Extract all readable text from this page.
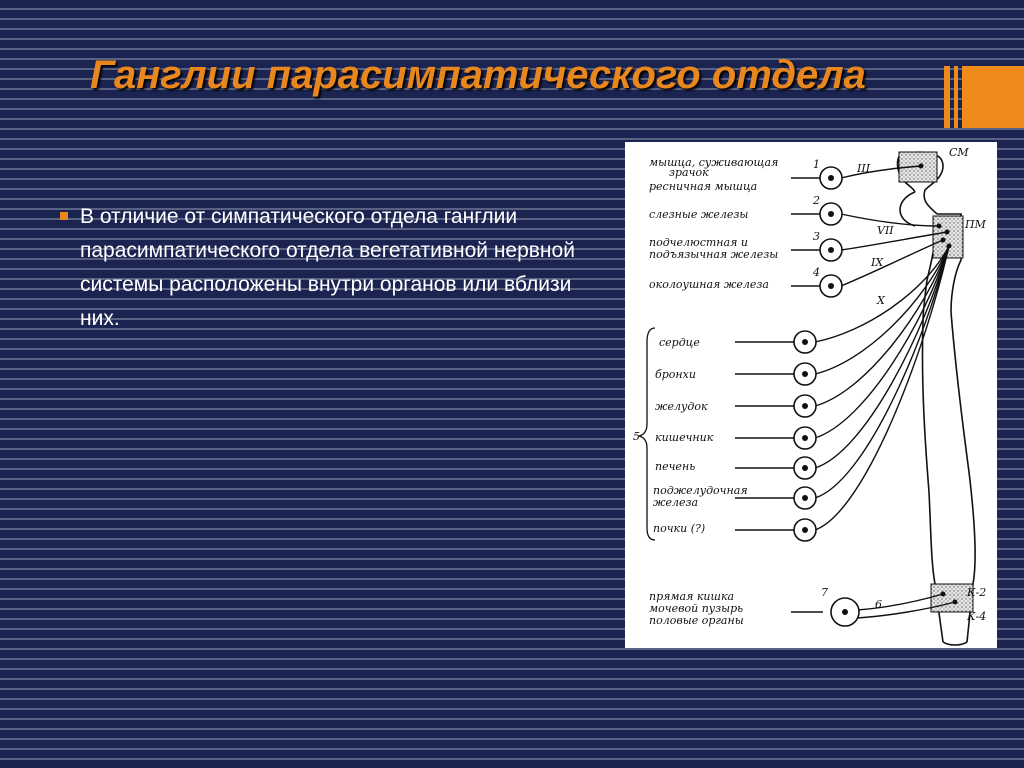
Ганглии парасимпатического отдела
В отличие от симпатического отдела ганглии парасимпатического отдела вегетативной нервной системы расположены внутри органов или вблизи них.
мышца, суживающая
зрачок
ресничная мышца
слезные железы
подчелюстная и
подъязычная железы
околоушная железа
сердце
бронхи
желудок
кишечник
печень
поджелудочная
железа
почки (?)
прямая кишка
мочевой пузырь
половые органы
1
2
3
4
5
6
7
III
VII
IX
X
СМ
ПМ
К-2
К-4
